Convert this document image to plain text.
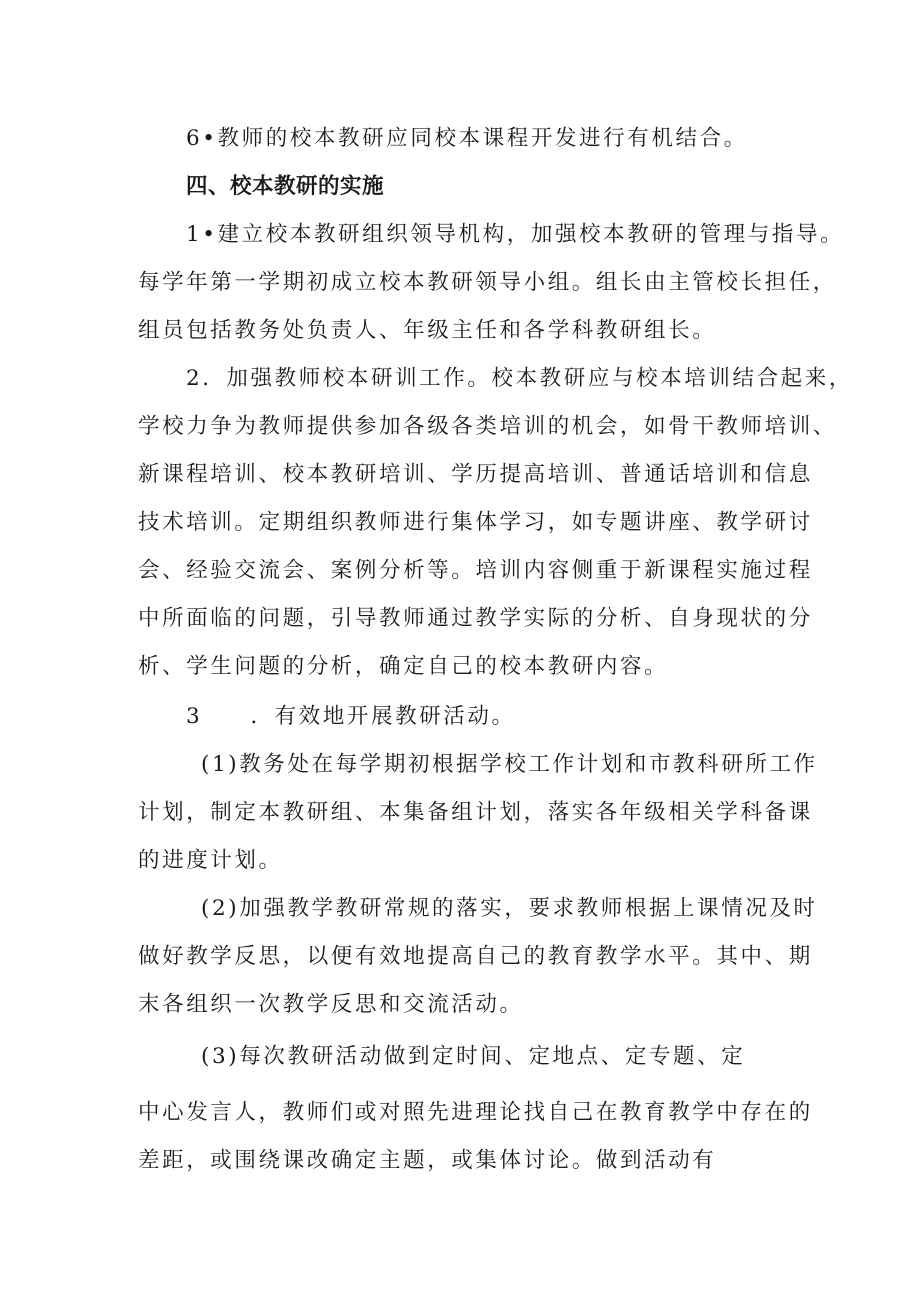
6•教师的校本教研应同校本课程开发进行有机结合。
四、校本教研的实施
1•建立校本教研组织领导机构，加强校本教研的管理与指导。
每学年第一学期初成立校本教研领导小组。组长由主管校长担任，
组员包括教务处负责人、年级主任和各学科教研组长。
2．加强教师校本研训工作。校本教研应与校本培训结合起来，
学校力争为教师提供参加各级各类培训的机会，如骨干教师培训、
新课程培训、校本教研培训、学历提高培训、普通话培训和信息
技术培训。定期组织教师进行集体学习，如专题讲座、教学研讨
会、经验交流会、案例分析等。培训内容侧重于新课程实施过程
中所面临的问题，引导教师通过教学实际的分析、自身现状的分
析、学生问题的分析，确定自己的校本教研内容。
3　　．有效地开展教研活动。
(1)教务处在每学期初根据学校工作计划和市教科研所工作
计划，制定本教研组、本集备组计划，落实各年级相关学科备课
的进度计划。
(2)加强教学教研常规的落实，要求教师根据上课情况及时
做好教学反思，以便有效地提高自己的教育教学水平。其中、期
末各组织一次教学反思和交流活动。
(3)每次教研活动做到定时间、定地点、定专题、定
中心发言人，教师们或对照先进理论找自己在教育教学中存在的
差距，或围绕课改确定主题，或集体讨论。做到活动有
